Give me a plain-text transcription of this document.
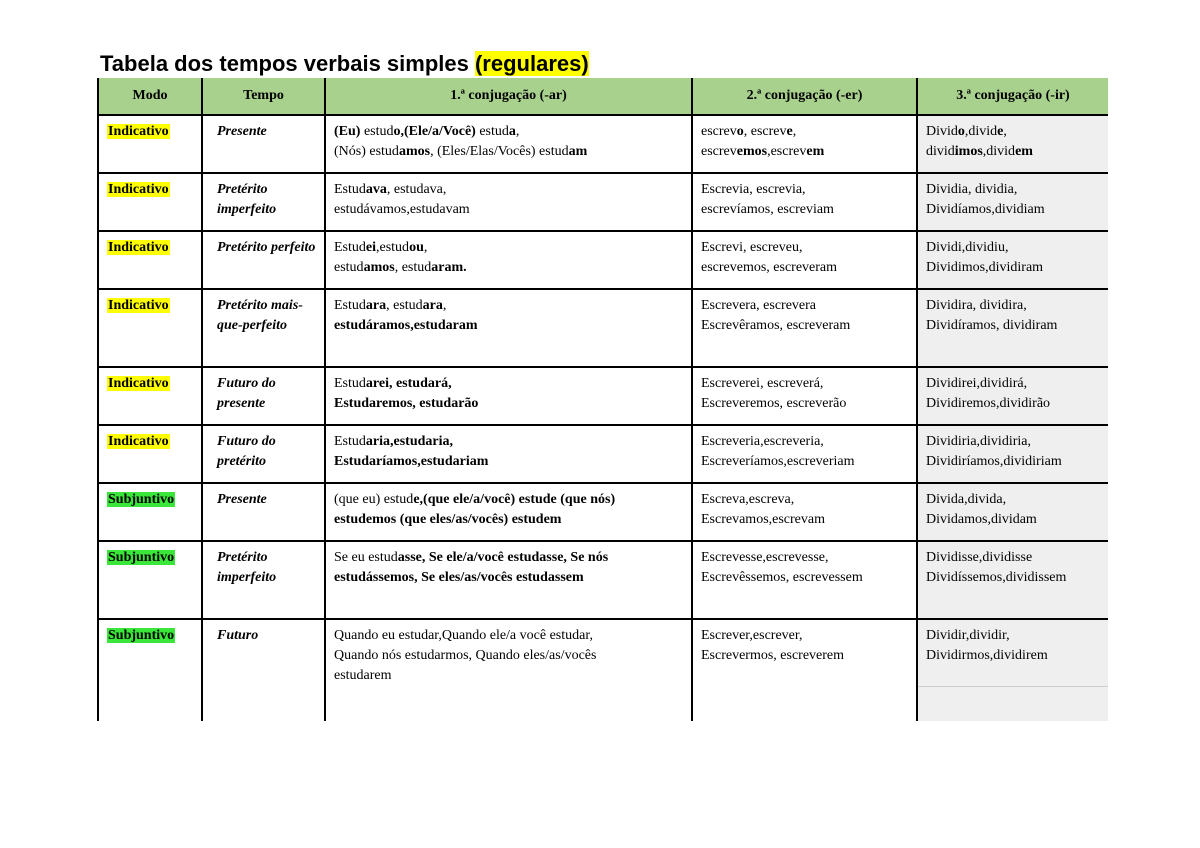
Tabela dos tempos verbais simples (regulares)
Modo	Tempo	1.ª conjugação (-ar)	2.ª conjugação (-er)	3.ª conjugação (-ir)
Indicativo	Presente	(Eu) estudo,(Ele/a/Você) estuda,
(Nós) estudamos, (Eles/Elas/Vocês) estudam	escrevo, escreve,
escrevemos,escrevem	Divido,divide,
dividimos,dividem

Indicativo	Pretérito imperfeito	Estudava, estudava,
estudávamos,estudavam	Escrevia, escrevia,
escrevíamos, escreviam	Dividia, dividia,
Dividíamos,dividiam

Indicativo	Pretérito perfeito	Estudei,estudou,
estudamos, estudaram.	Escrevi, escreveu,
escrevemos, escreveram	Dividi,dividiu,
Dividimos,dividiram

Indicativo	Pretérito mais-que-perfeito	Estudara, estudara,
estudáramos,estudaram	Escrevera, escrevera
Escrevêramos, escreveram	Dividira, dividira,
Dividíramos, dividiram

Indicativo	Futuro do presente	Estudarei, estudará,
Estudaremos, estudarão	Escreverei, escreverá,
Escreveremos, escreverão	Dividirei,dividirá,
Dividiremos,dividirão

Indicativo	Futuro do pretérito	Estudaria,estudaria,
Estudaríamos,estudariam	Escreveria,escreveria,
Escreveríamos,escreveriam	Dividiria,dividiria,
Dividiríamos,dividiriam

Subjuntivo	Presente	(que eu) estude,(que ele/a/você) estude (que nós)
estudemos (que eles/as/vocês) estudem	Escreva,escreva,
Escrevamos,escrevam	Divida,divida,
Dividamos,dividam

Subjuntivo	Pretérito imperfeito	Se eu estudasse, Se ele/a/você estudasse, Se nós
estudássemos, Se eles/as/vocês estudassem	Escrevesse,escrevesse,
Escrevêssemos, escrevessem	Dividisse,dividisse
Dividíssemos,dividissem

Subjuntivo	Futuro	Quando eu estudar,Quando ele/a você estudar,
Quando nós estudarmos, Quando eles/as/vocês
estudarem	Escrever,escrever,
Escrevermos, escreverem	Dividir,dividir,
Dividirmos,dividirem
